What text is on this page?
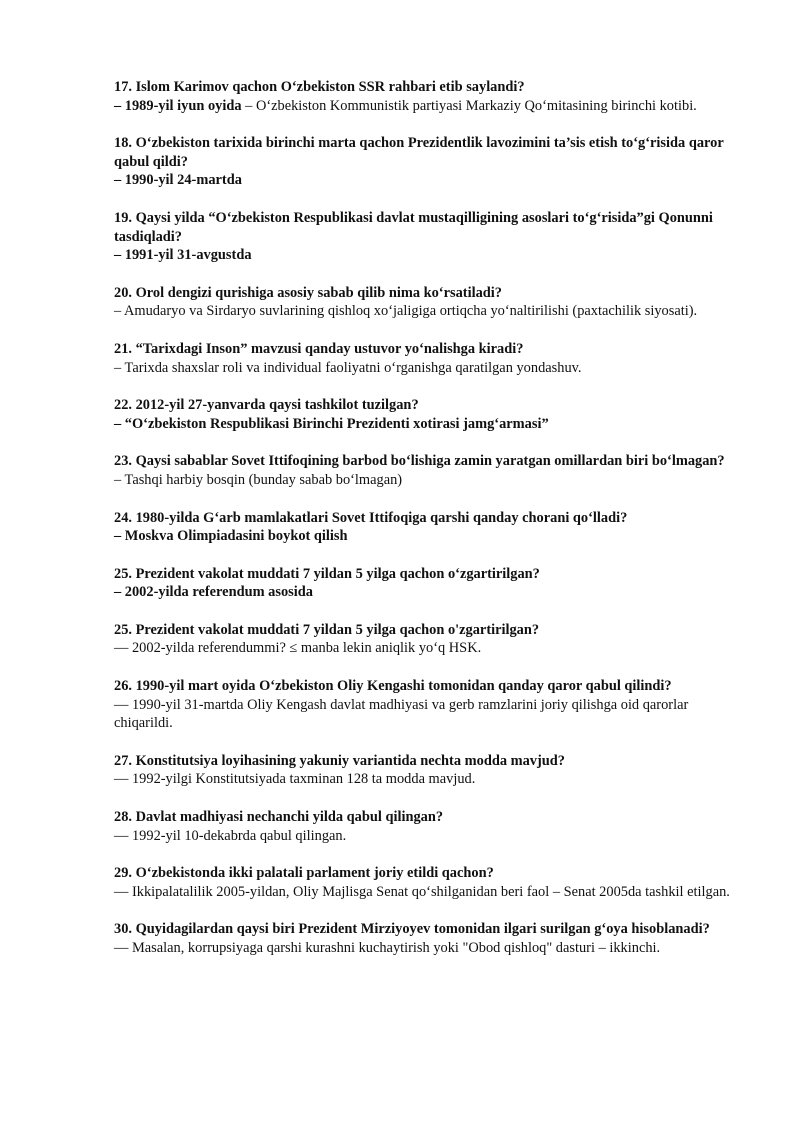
17. Islom Karimov qachon O‘zbekiston SSR rahbari etib saylandi?
– 1989-yil iyun oyida – O‘zbekiston Kommunistik partiyasi Markaziy Qo‘mitasining birinchi kotibi.
18. O‘zbekiston tarixida birinchi marta qachon Prezidentlik lavozimini ta’sis etish to‘g‘risida qaror qabul qildi?
– 1990-yil 24-martda
19. Qaysi yilda “O‘zbekiston Respublikasi davlat mustaqilligining asoslari to‘g‘risida”gi Qonunni tasdiqladi?
– 1991-yil 31-avgustda
20. Orol dengizi qurishiga asosiy sabab qilib nima ko‘rsatiladi?
– Amudaryo va Sirdaryo suvlarining qishloq xo‘jaligiga ortiqcha yo‘naltirilishi (paxtachilik siyosati).
21. “Tarixdagi Inson” mavzusi qanday ustuvor yo‘nalishga kiradi?
– Tarixda shaxslar roli va individual faoliyatni o‘rganishga qaratilgan yondashuv.
22. 2012-yil 27-yanvarda qaysi tashkilot tuzilgan?
– “O‘zbekiston Respublikasi Birinchi Prezidenti xotirasi jamg‘armasi”
23. Qaysi sabablar Sovet Ittifoqining barbod bo‘lishiga zamin yaratgan omillardan biri bo‘lmagan?
– Tashqi harbiy bosqin (bunday sabab bo‘lmagan)
24. 1980-yilda G‘arb mamlakatlari Sovet Ittifoqiga qarshi qanday choranі qo‘lladi?
– Moskva Olimpiadasini boykot qilish
25. Prezident vakolat muddati 7 yildan 5 yilga qachon o‘zgartirilgan?
– 2002-yilda referendum asosida
25. Prezident vakolat muddati 7 yildan 5 yilga qachon o'zgartirilgan?
— 2002-yilda referendummi? ≤ manba lekin aniqlik yo‘q HSK.
26. 1990-yil mart oyida O‘zbekiston Oliy Kengashi tomonidan qanday qaror qabul qilindi?
— 1990-yil 31-martda Oliy Kengash davlat madhiyasi va gerb ramzlarini joriy qilishga oid qarorlar chiqarildi.
27. Konstitutsiya loyihasining yakuniy variantida nechta modda mavjud?
— 1992-yilgi Konstitutsiyada taxminan 128 ta modda mavjud.
28. Davlat madhiyasi nechanchi yilda qabul qilingan?
— 1992-yil 10-dekabrda qabul qilingan.
29. O‘zbekistonda ikki palatali parlament joriy etildi qachon?
— Ikkipalatalilik 2005-yildan, Oliy Majlisga Senat qo‘shilganidan beri faol – Senat 2005da tashkil etilgan.
30. Quyidagilardan qaysi biri Prezident Mirziyoyev tomonidan ilgari surilgan g‘oya hisoblanadi?
— Masalan, korrupsiyaga qarshi kurashni kuchaytirish yoki "Obod qishloq" dasturi – ikkinchi.
